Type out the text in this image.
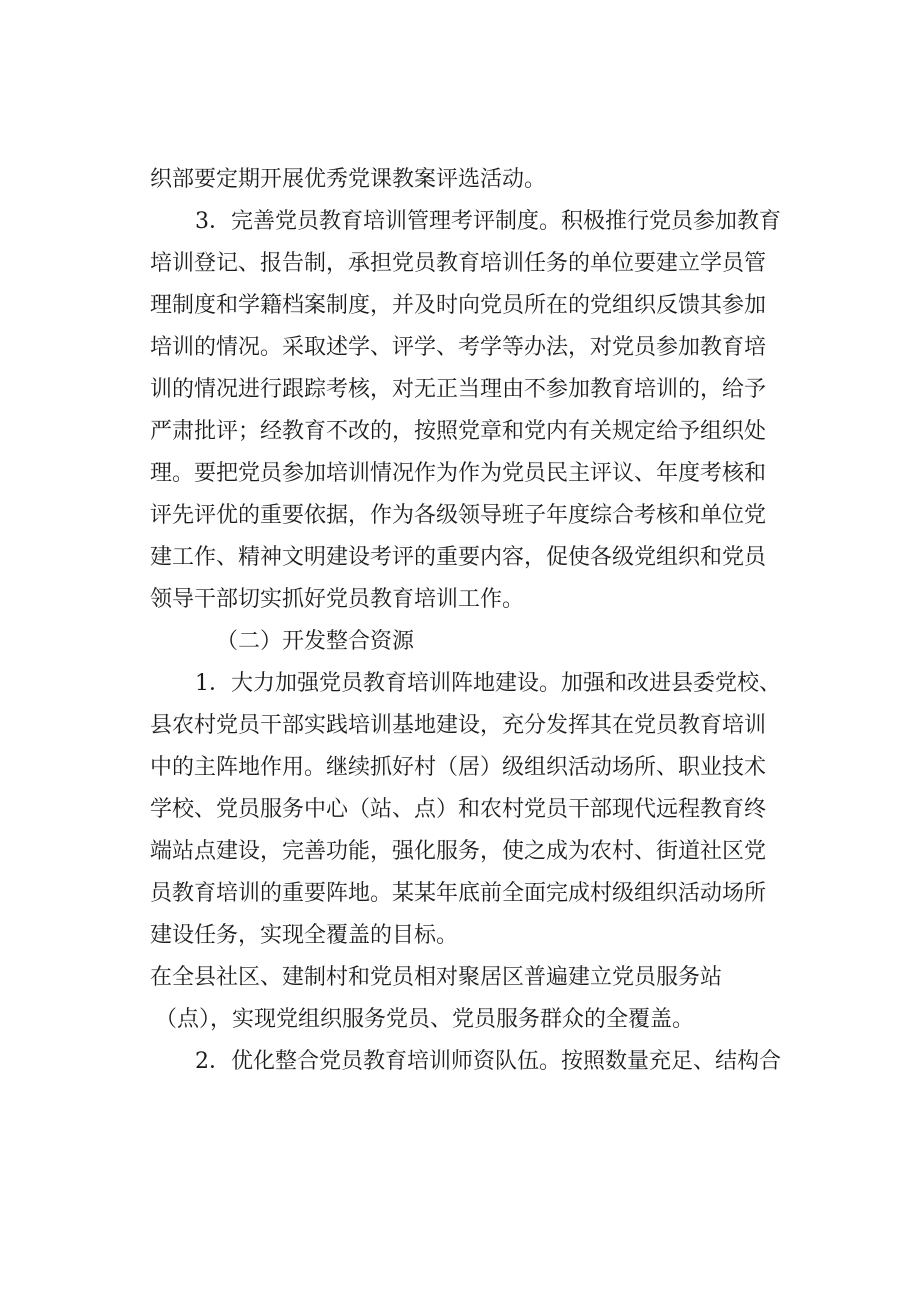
织部要定期开展优秀党课教案评选活动。
3．完善党员教育培训管理考评制度。积极推行党员参加教育
培训登记、报告制，承担党员教育培训任务的单位要建立学员管
理制度和学籍档案制度，并及时向党员所在的党组织反馈其参加
培训的情况。采取述学、评学、考学等办法，对党员参加教育培
训的情况进行跟踪考核，对无正当理由不参加教育培训的，给予
严肃批评；经教育不改的，按照党章和党内有关规定给予组织处
理。要把党员参加培训情况作为作为党员民主评议、年度考核和
评先评优的重要依据，作为各级领导班子年度综合考核和单位党
建工作、精神文明建设考评的重要内容，促使各级党组织和党员
领导干部切实抓好党员教育培训工作。
（二）开发整合资源
1．大力加强党员教育培训阵地建设。加强和改进县委党校、
县农村党员干部实践培训基地建设，充分发挥其在党员教育培训
中的主阵地作用。继续抓好村（居）级组织活动场所、职业技术
学校、党员服务中心（站、点）和农村党员干部现代远程教育终
端站点建设，完善功能，强化服务，使之成为农村、街道社区党
员教育培训的重要阵地。某某年底前全面完成村级组织活动场所
建设任务，实现全覆盖的目标。
在全县社区、建制村和党员相对聚居区普遍建立党员服务站
（点），实现党组织服务党员、党员服务群众的全覆盖。
2．优化整合党员教育培训师资队伍。按照数量充足、结构合
